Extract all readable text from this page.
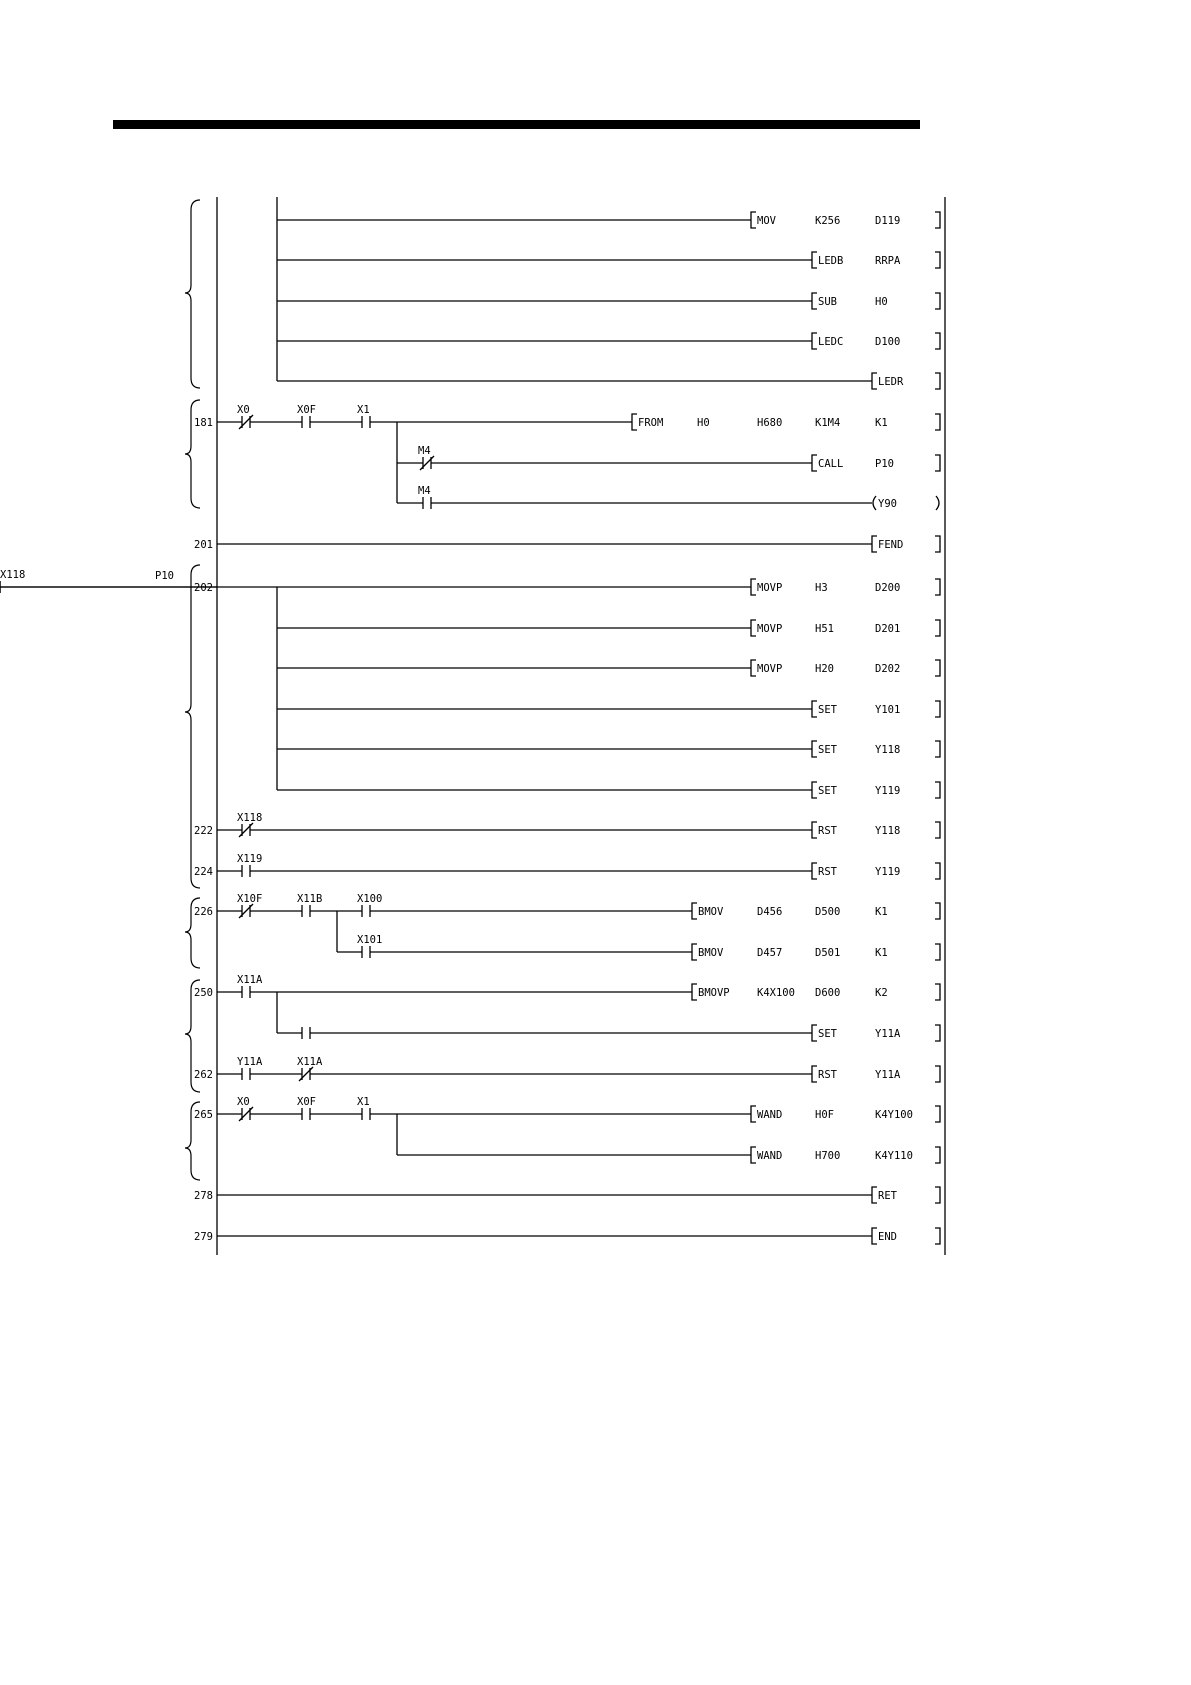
P10
MOV	K256	D119
LEDB	RRPA
SUB	H0
LEDC	D100
LEDR
181
X0	X0F	X1
FROM	H0	H680	K1M4	K1
M4
CALL	P10
M4
Y90
201	FEND
202
X118
MOVP	H3	D200
MOVP	H51	D201
MOVP	H20	D202
SET	Y101
SET	Y118
SET	Y119
222
X118
RST	Y118
224
X119
RST	Y119
226
X10F	X11B	X100
BMOV	D456	D500	K1
X101
BMOV	D457	D501	K1
250
X11A
BMOVP	K4X100 D600	K2
SET	Y11A
262
Y11A	X11A
RST	Y11A
265
X0	X0F	X1
WAND	H0F	K4Y100
WAND	H700	K4Y110
278	RET
279	END
